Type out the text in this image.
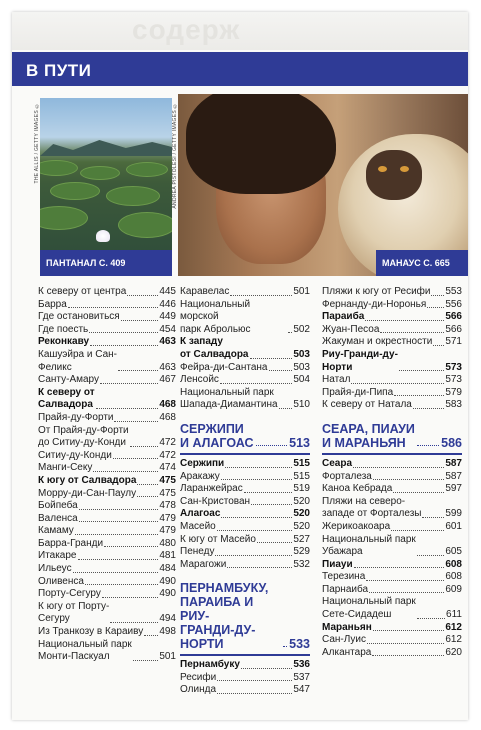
содерж
В ПУТИ
THE ALLIS / GETTY IMAGES ©
ПАНТАНАЛ С. 409
ANDREA PISTOLESI / GETTY IMAGES ©
МАНАУС С. 665
К северу от центра	445
Барра	446
Где остановиться	449
Где поесть	454
Реконкаву	463
Кашуэйра и Сан-
Феликс	463
Санту-Амару	467
К северу от
Салвадора	468
Прайя-ду-Форти	468
От Прайя-ду-Форти
до Ситиу-ду-Конди	472
Ситиу-ду-Конди	472
Манги-Секу	474
К югу от Салвадора 475
Морру-ди-Сан-Паулу 475
Бойпеба	478
Валенса	479
Камаму	479
Барра-Гранди	480
Итакаре	481
Ильеус	484
Оливенса	490
Порту-Сегуру	490
К югу от Порту-
Сегуру	494
Из Транкозу в Караиву 498
Национальный парк
Монти-Паскуал	501
Каравелас	501
Национальный морской
парк Аброльюс	502
К западу
от Салвадора	503
Фейра-ди-Сантана	503
Ленсойс	504
Национальный парк
Шапада-Диамантина 510
СЕРЖИПИ
И АЛАГОАС	513
Сержипи	515
Аракажу	515
Ларанжейрас	519
Сан-Кристован	520
Алагоас	520
Масейо	520
К югу от Масейо	527
Пенеду	529
Марагожи	532
ПЕРНАМБУКУ,
ПАРАИБА И РИУ-
ГРАНДИ-ДУ-
НОРТИ	533
Пернамбуку	536
Ресифи	537
Олинда	547
Пляжи к югу от Ресифи 553
Фернанду-ди-Норонья 556
Параиба	566
Жуан-Песоа	566
Жакуман и окрестности 571
Риу-Гранди-ду-
Норти	573
Натал	573
Прайя-ди-Пипа	579
К северу от Натала	583
СЕАРА, ПИАУИ
И МАРАНЬЯН	586
Сеара	587
Форталеза	587
Каноа Кебрада	597
Пляжи на северо-
западе от Форталезы 599
Жерикоакоара	601
Национальный парк
Убажара	605
Пиауи	608
Терезина	608
Парнаиба	609
Национальный парк
Сете-Сидадеш	611
Мараньян	612
Сан-Луис	612
Алкантара	620
